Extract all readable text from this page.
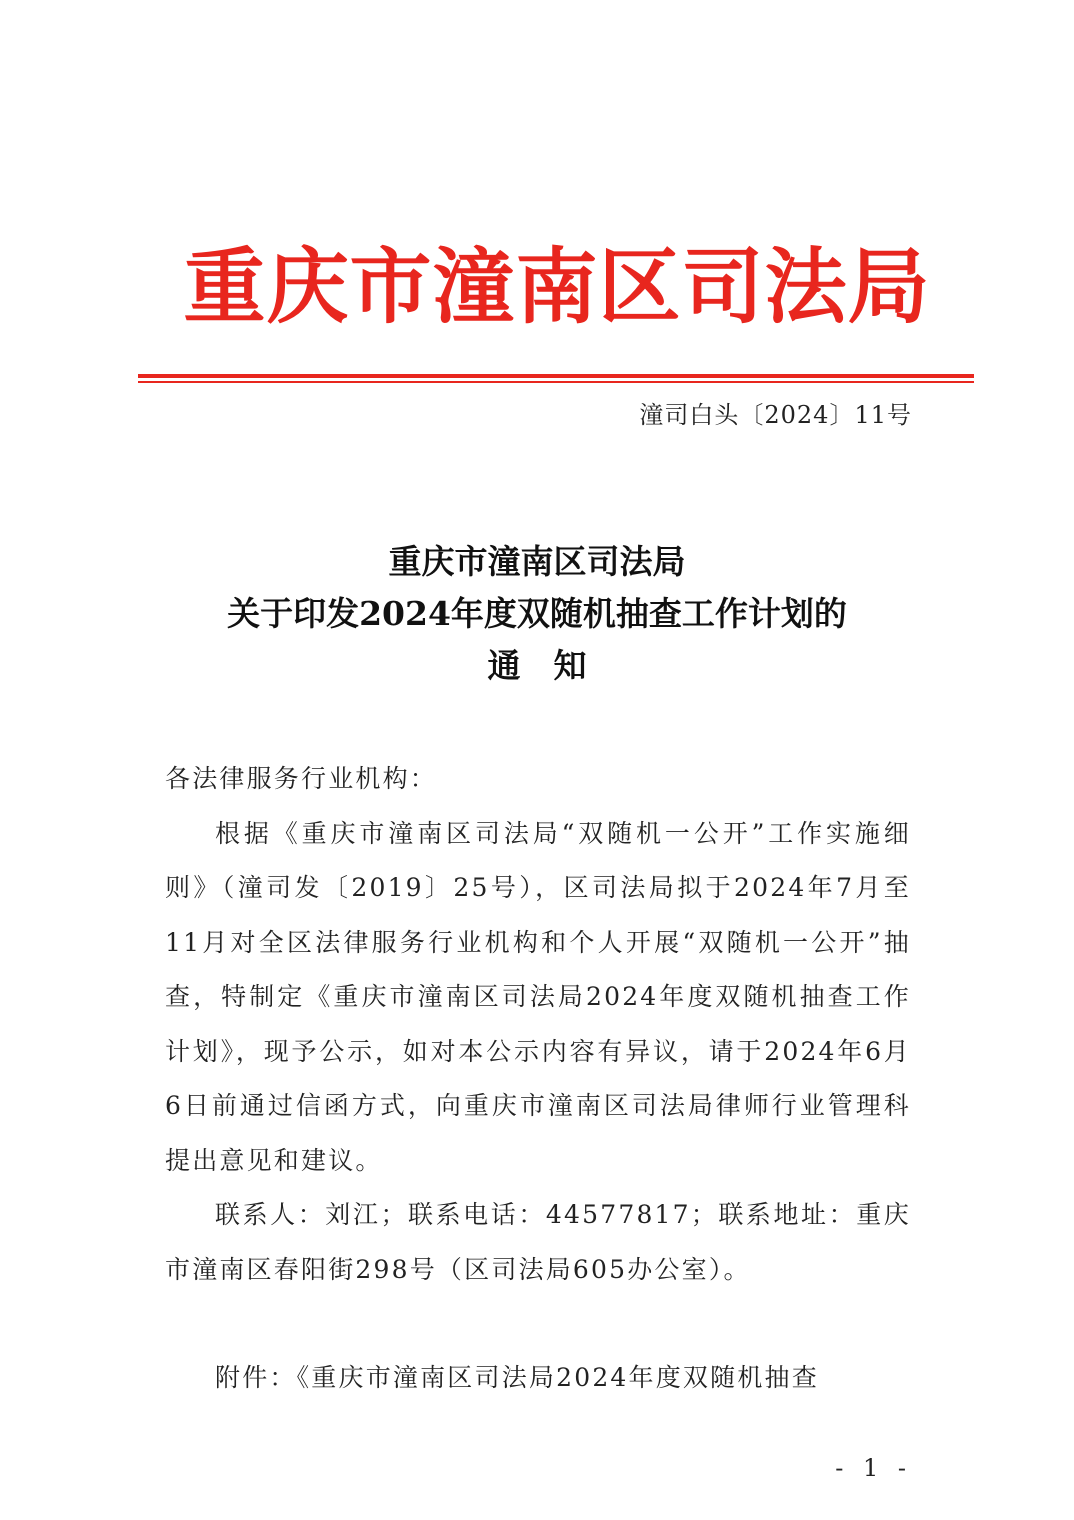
重庆市潼南区司法局
潼司白头〔2024〕11号
重庆市潼南区司法局
关于印发2024年度双随机抽查工作计划的
通　知

各法律服务行业机构：

根据《重庆市潼南区司法局“双随机一公开”工作实施细则》（潼司发〔2019〕25号），区司法局拟于2024年7月至11月对全区法律服务行业机构和个人开展“双随机一公开”抽查，特制定《重庆市潼南区司法局2024年度双随机抽查工作计划》，现予公示，如对本公示内容有异议，请于2024年6月6日前通过信函方式，向重庆市潼南区司法局律师行业管理科提出意见和建议。

联系人：刘江；联系电话：44577817；联系地址：重庆市潼南区春阳街298号（区司法局605办公室）。

附件：《重庆市潼南区司法局2024年度双随机抽查

- 1 -
